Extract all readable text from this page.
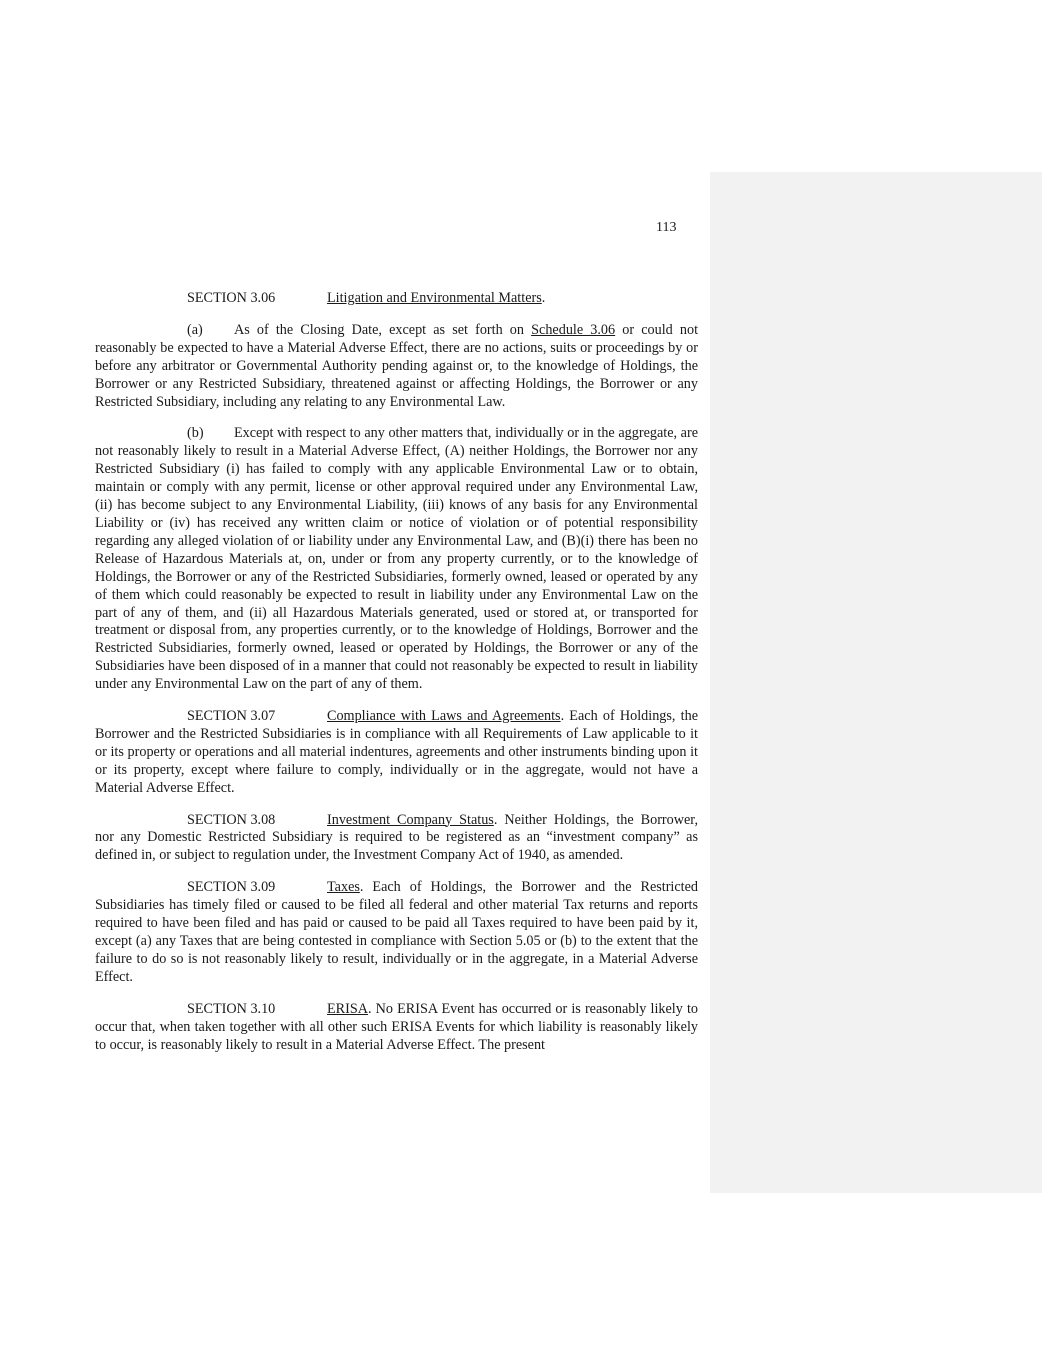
113

SECTION 3.06	Litigation and Environmental Matters.

(a) As of the Closing Date, except as set forth on Schedule 3.06 or could not reasonably be expected to have a Material Adverse Effect, there are no actions, suits or proceedings by or before any arbitrator or Governmental Authority pending against or, to the knowledge of Holdings, the Borrower or any Restricted Subsidiary, threatened against or affecting Holdings, the Borrower or any Restricted Subsidiary, including any relating to any Environmental Law.

(b) Except with respect to any other matters that, individually or in the aggregate, are not reasonably likely to result in a Material Adverse Effect, (A) neither Holdings, the Borrower nor any Restricted Subsidiary (i) has failed to comply with any applicable Environmental Law or to obtain, maintain or comply with any permit, license or other approval required under any Environmental Law, (ii) has become subject to any Environmental Liability, (iii) knows of any basis for any Environmental Liability or (iv) has received any written claim or notice of violation or of potential responsibility regarding any alleged violation of or liability under any Environmental Law, and (B)(i) there has been no Release of Hazardous Materials at, on, under or from any property currently, or to the knowledge of Holdings, the Borrower or any of the Restricted Subsidiaries, formerly owned, leased or operated by any of them which could reasonably be expected to result in liability under any Environmental Law on the part of any of them, and (ii) all Hazardous Materials generated, used or stored at, or transported for treatment or disposal from, any properties currently, or to the knowledge of Holdings, Borrower and the Restricted Subsidiaries, formerly owned, leased or operated by Holdings, the Borrower or any of the Subsidiaries have been disposed of in a manner that could not reasonably be expected to result in liability under any Environmental Law on the part of any of them.

SECTION 3.07	Compliance with Laws and Agreements. Each of Holdings, the Borrower and the Restricted Subsidiaries is in compliance with all Requirements of Law applicable to it or its property or operations and all material indentures, agreements and other instruments binding upon it or its property, except where failure to comply, individually or in the aggregate, would not have a Material Adverse Effect.

SECTION 3.08	Investment Company Status. Neither Holdings, the Borrower, nor any Domestic Restricted Subsidiary is required to be registered as an “investment company” as defined in, or subject to regulation under, the Investment Company Act of 1940, as amended.

SECTION 3.09	Taxes. Each of Holdings, the Borrower and the Restricted Subsidiaries has timely filed or caused to be filed all federal and other material Tax returns and reports required to have been filed and has paid or caused to be paid all Taxes required to have been paid by it, except (a) any Taxes that are being contested in compliance with Section 5.05 or (b) to the extent that the failure to do so is not reasonably likely to result, individually or in the aggregate, in a Material Adverse Effect.

SECTION 3.10	ERISA. No ERISA Event has occurred or is reasonably likely to occur that, when taken together with all other such ERISA Events for which liability is reasonably likely to occur, is reasonably likely to result in a Material Adverse Effect. The present
